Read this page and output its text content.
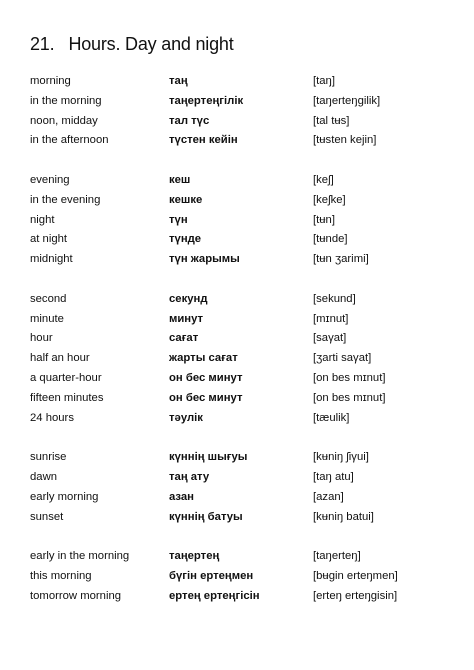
21. Hours. Day and night
morning	таң	[taŋ]
in the morning	таңертеңгілік	[taŋerteŋgilik]
noon, midday	тал түс	[tal tʉs]
in the afternoon	түстен кейін	[tʉsten kejin]
evening	кеш	[keʃ]
in the evening	кешке	[keʃke]
night	түн	[tʉn]
at night	түнде	[tʉnde]
midnight	түн жарымы	[tʉn ʒarimi]
second	секунд	[sekund]
minute	минут	[mɪnut]
hour	сағат	[saγat]
half an hour	жарты сағат	[ʒarti saγat]
a quarter-hour	он бес минут	[on bes mɪnut]
fifteen minutes	он бес минут	[on bes mɪnut]
24 hours	тәулік	[tæulik]
sunrise	күннің шығуы	[kʉniŋ ʃiγui]
dawn	таң ату	[taŋ atu]
early morning	азан	[azan]
sunset	күннің батуы	[kʉniŋ batui]
early in the morning	таңертең	[taŋerteŋ]
this morning	бүгін ертеңмен	[bʉgin erteŋmen]
tomorrow morning	ертең ертеңгісін	[erteŋ erteŋgisin]
